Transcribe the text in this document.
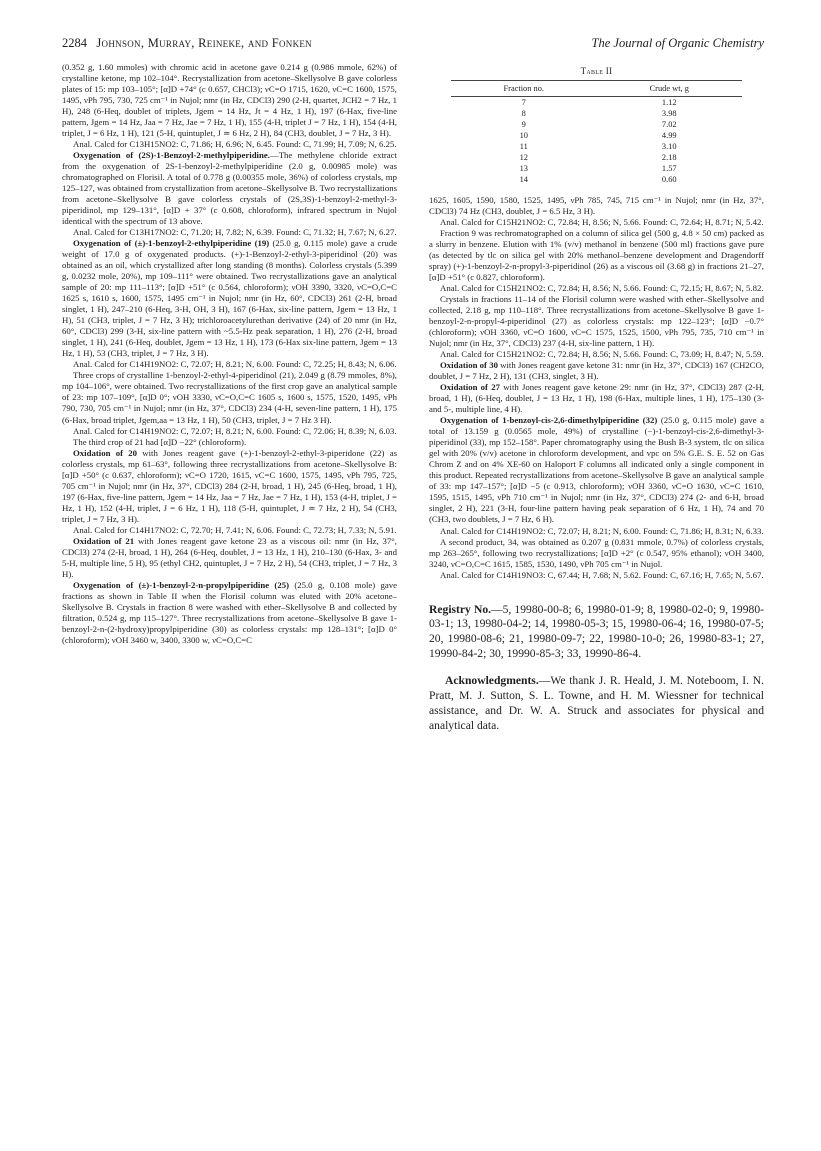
2284 Johnson, Murray, Reineke, and Fonken	The Journal of Organic Chemistry

(0.352 g, 1.60 mmoles) with chromic acid in acetone gave 0.214 g (0.986 mmole, 62%) of crystalline ketone, mp 102–104°. Recrystallization from acetone–Skellysolve B gave colorless plates of 15: mp 103–105°; [α]D +74° (c 0.657, CHCl3); νC=O 1715, 1620, νC=C 1600, 1575, 1495, νPh 795, 730, 725 cm⁻¹ in Nujol; nmr (in Hz, CDCl3) 290 (2-H, quartet, JCH2 = 7 Hz, 1 H), 248 (6-Heq, doublet of triplets, Jgem = 14 Hz, Jt = 4 Hz, 1 H), 197 (6-Hax, five-line pattern, Jgem = 14 Hz, Jaa = 7 Hz, Jae = 7 Hz, 1 H), 155 (4-H, triplet J = 7 Hz, 1 H), 154 (4-H, triplet, J = 6 Hz, 1 H), 121 (5-H, quintuplet, J ≃ 6 Hz, 2 H), 84 (CH3, doublet, J = 7 Hz, 3 H).

Anal. Calcd for C13H15NO2: C, 71.86; H, 6.96; N, 6.45. Found: C, 71.99; H, 7.09; N, 6.25.

Oxygenation of (2S)-1-Benzoyl-2-methylpiperidine.—The methylene chloride extract from the oxygenation of 2S-1-benzoyl-2-methylpiperidine (2.0 g, 0.00985 mole) was chromatographed on Florisil. A total of 0.778 g (0.00355 mole, 36%) of colorless crystals, mp 125–127, was obtained from crystallization from acetone–Skellysolve B. Two recrystallizations from acetone–Skellysolve B gave colorless crystals of (2S,3S)-1-benzoyl-2-methyl-3-piperidinol, mp 129–131°, [α]D + 37° (c 0.608, chloroform), infrared spectrum in Nujol identical with the spectrum of 13 above.

Anal. Calcd for C13H17NO2: C, 71.20; H, 7.82; N, 6.39. Found: C, 71.32; H, 7.67; N, 6.27.

Oxygenation of (±)-1-benzoyl-2-ethylpiperidine (19) (25.0 g, 0.115 mole) gave a crude weight of 17.0 g of oxygenated products. (+)-1-Benzoyl-2-ethyl-3-piperidinol (20) was obtained as an oil, which crystallized after long standing (8 months). Colorless crystals (5.399 g, 0.0232 mole, 20%), mp 109–111° were obtained. Two recrystallizations gave an analytical sample of 20: mp 111–113°; [α]D +51° (c 0.564, chloroform); νOH 3390, 3320, νC=O,C=C 1625 s, 1610 s, 1600, 1575, 1495 cm⁻¹ in Nujol; nmr (in Hz, 60°, CDCl3) 261 (2-H, broad singlet, 1 H), 247–210 (6-Heq, 3-H, OH, 3 H), 167 (6-Hax, six-line pattern, Jgem = 13 Hz, 1 H), 51 (CH3, triplet, J = 7 Hz, 3 H); trichloroacetylurethan derivative (24) of 20 nmr (in Hz, 60°, CDCl3) 299 (3-H, six-line pattern with ~5.5-Hz peak separation, 1 H), 276 (2-H, broad singlet, 1 H), 241 (6-Heq, doublet, Jgem = 13 Hz, 1 H), 173 (6-Hax six-line pattern, Jgem = 13 Hz, 1 H), 53 (CH3, triplet, J = 7 Hz, 3 H).

Anal. Calcd for C14H19NO2: C, 72.07; H, 8.21; N, 6.00. Found: C, 72.25; H, 8.43; N, 6.06.

Three crops of crystalline 1-benzoyl-2-ethyl-4-piperidinol (21), 2.049 g (8.79 mmoles, 8%), mp 104–106°, were obtained. Two recrystallizations of the first crop gave an analytical sample of 23: mp 107–109°, [α]D 0°; νOH 3330, νC=O,C=C 1605 s, 1600 s, 1575, 1520, 1495, νPh 790, 730, 705 cm⁻¹ in Nujol; nmr (in Hz, 37°, CDCl3) 234 (4-H, seven-line pattern, 1 H), 175 (6-Hax, broad triplet, Jgem,aa = 13 Hz, 1 H), 50 (CH3, triplet, J = 7 Hz 3 H).

Anal. Calcd for C14H19NO2: C, 72.07; H, 8.21; N, 6.00. Found: C, 72.06; H, 8.39; N, 6.03.

The third crop of 21 had [α]D −22° (chloroform).

Oxidation of 20 with Jones reagent gave (+)-1-benzoyl-2-ethyl-3-piperidone (22) as colorless crystals, mp 61–63°, following three recrystallizations from acetone–Skellysolve B: [α]D +50° (c 0.637, chloroform); νC=O 1720, 1615, νC=C 1600, 1575, 1495, νPh 795, 725, 705 cm⁻¹ in Nujol; nmr (in Hz, 37°, CDCl3) 284 (2-H, broad, 1 H), 245 (6-Heq, broad, 1 H), 197 (6-Hax, five-line pattern, Jgem = 14 Hz, Jaa = 7 Hz, Jae = 7 Hz, 1 H), 153 (4-H, triplet, J = Hz, 1 H), 152 (4-H, triplet, J = 6 Hz, 1 H), 118 (5-H, quintuplet, J ≃ 7 Hz, 2 H), 54 (CH3, triplet, J = 7 Hz, 3 H).

Anal. Calcd for C14H17NO2: C, 72.70; H, 7.41; N, 6.06. Found: C, 72.73; H, 7.33; N, 5.91.

Oxidation of 21 with Jones reagent gave ketone 23 as a viscous oil: nmr (in Hz, 37°, CDCl3) 274 (2-H, broad, 1 H), 264 (6-Heq, doublet, J = 13 Hz, 1 H), 210–130 (6-Hax, 3- and 5-H, multiple line, 5 H), 95 (ethyl CH2, quintuplet, J = 7 Hz, 2 H), 54 (CH3, triplet, J = 7 Hz, 3 H).

Oxygenation of (±)-1-benzoyl-2-n-propylpiperidine (25) (25.0 g, 0.108 mole) gave fractions as shown in Table II when the Florisil column was eluted with 20% acetone–Skellysolve B. Crystals in fraction 8 were washed with ether–Skellysolve B and collected by filtration, 0.524 g, mp 115–127°. Three recrystallizations from acetone–Skellysolve B gave 1-benzoyl-2-n-(2-hydroxy)propylpiperidine (30) as colorless crystals: mp 128–131°; [α]D 0° (chloroform); νOH 3460 w, 3400, 3300 w, νC=O,C=C

Table II
Fraction no.	Crude wt, g
7	1.12
8	3.98
9	7.02
10	4.99
11	3.10
12	2.18
13	1.57
14	0.60

1625, 1605, 1590, 1580, 1525, 1495, νPh 785, 745, 715 cm⁻¹ in Nujol; nmr (in Hz, 37°, CDCl3) 74 Hz (CH3, doublet, J = 6.5 Hz, 3 H).

Anal. Calcd for C15H21NO2: C, 72.84; H, 8.56; N, 5.66. Found: C, 72.64; H, 8.71; N, 5.42.

Fraction 9 was rechromatographed on a column of silica gel (500 g, 4.8 × 50 cm) packed as a slurry in benzene. Elution with 1% (v/v) methanol in benzene (500 ml) fractions gave pure (as detected by tlc on silica gel with 20% methanol–benzene development and Dragendorff spray) (+)-1-benzoyl-2-n-propyl-3-piperidinol (26) as a viscous oil (3.68 g) in fractions 21–27, [α]D +51° (c 0.827, chloroform).

Anal. Calcd for C15H21NO2: C, 72.84; H, 8.56; N, 5.66. Found: C, 72.15; H, 8.67; N, 5.82.

Crystals in fractions 11–14 of the Florisil column were washed with ether–Skellysolve and collected, 2.18 g, mp 110–118°. Three recrystallizations from acetone–Skellysolve B gave 1-benzoyl-2-n-propyl-4-piperidinol (27) as colorless crystals: mp 122–123°; [α]D −0.7° (chloroform); νOH 3360, νC=O 1600, νC=C 1575, 1525, 1500, νPh 795, 735, 710 cm⁻¹ in Nujol; nmr (in Hz, 37°, CDCl3) 237 (4-H, six-line pattern, 1 H).

Anal. Calcd for C15H21NO2: C, 72.84; H, 8.56; N, 5.66. Found: C, 73.09; H, 8.47; N, 5.59.

Oxidation of 30 with Jones reagent gave ketone 31: nmr (in Hz, 37°, CDCl3) 167 (CH2CO, doublet, J = 7 Hz, 2 H), 131 (CH3, singlet, 3 H).

Oxidation of 27 with Jones reagent gave ketone 29: nmr (in Hz, 37°, CDCl3) 287 (2-H, broad, 1 H), (6-Heq, doublet, J = 13 Hz, 1 H), 198 (6-Hax, multiple lines, 1 H), 175–130 (3- and 5-, multiple line, 4 H).

Oxygenation of 1-benzoyl-cis-2,6-dimethylpiperidine (32) (25.0 g, 0.115 mole) gave a total of 13.159 g (0.0565 mole, 49%) of crystalline (−)-1-benzoyl-cis-2,6-dimethyl-3-piperidinol (33), mp 152–158°. Paper chromatography using the Bush B-3 system, tlc on silica gel with 20% (v/v) acetone in chloroform development, and vpc on 5% G.E. S. E. 52 on Gas Chrom Z and on 4% XE-60 on Haloport F columns all indicated only a single component in this product. Repeated recrystallizations from acetone–Skellysolve B gave an analytical sample of 33: mp 147–157°; [α]D −5 (c 0.913, chloroform); νOH 3360, νC=O 1630, νC=C 1610, 1595, 1515, 1495, νPh 710 cm⁻¹ in Nujol; nmr (in Hz, 37°, CDCl3) 274 (2- and 6-H, broad singlet, 2 H), 221 (3-H, four-line pattern having peak separation of 6 Hz, 1 H), 74 and 70 (CH3, two doublets, J = 7 Hz, 6 H).

Anal. Calcd for C14H19NO2: C, 72.07; H, 8.21; N, 6.00. Found: C, 71.86; H, 8.31; N, 6.33.

A second product, 34, was obtained as 0.207 g (0.831 mmole, 0.7%) of colorless crystals, mp 263–265°, following two recrystallizations; [α]D +2° (c 0.547, 95% ethanol); νOH 3400, 3240, νC=O,C=C 1615, 1585, 1530, 1490, νPh 705 cm⁻¹ in Nujol.

Anal. Calcd for C14H19NO3: C, 67.44; H, 7.68; N, 5.62. Found: C, 67.16; H, 7.65; N, 5.67.

Registry No.—5, 19980-00-8; 6, 19980-01-9; 8, 19980-02-0; 9, 19980-03-1; 13, 19980-04-2; 14, 19980-05-3; 15, 19980-06-4; 16, 19980-07-5; 20, 19980-08-6; 21, 19980-09-7; 22, 19980-10-0; 26, 19980-83-1; 27, 19990-84-2; 30, 19990-85-3; 33, 19990-86-4.

Acknowledgments.—We thank J. R. Heald, J. M. Noteboom, I. N. Pratt, M. J. Sutton, S. L. Towne, and H. M. Wiessner for technical assistance, and Dr. W. A. Struck and associates for physical and analytical data.
